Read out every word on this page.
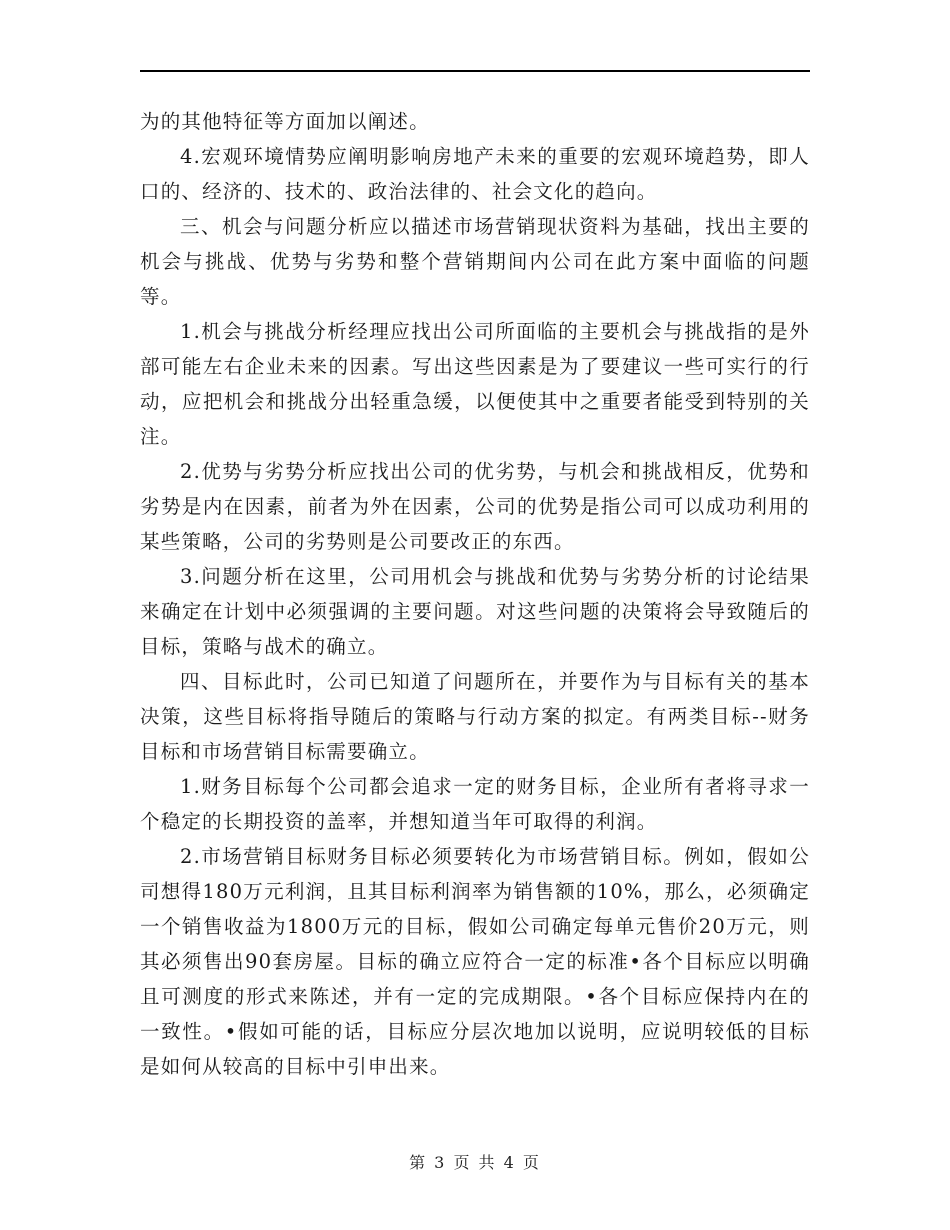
为的其他特征等方面加以阐述。

4.宏观环境情势应阐明影响房地产未来的重要的宏观环境趋势，即人口的、经济的、技术的、政治法律的、社会文化的趋向。

三、机会与问题分析应以描述市场营销现状资料为基础，找出主要的机会与挑战、优势与劣势和整个营销期间内公司在此方案中面临的问题等。

1.机会与挑战分析经理应找出公司所面临的主要机会与挑战指的是外部可能左右企业未来的因素。写出这些因素是为了要建议一些可实行的行动，应把机会和挑战分出轻重急缓，以便使其中之重要者能受到特别的关注。

2.优势与劣势分析应找出公司的优劣势，与机会和挑战相反，优势和劣势是内在因素，前者为外在因素，公司的优势是指公司可以成功利用的某些策略，公司的劣势则是公司要改正的东西。

3.问题分析在这里，公司用机会与挑战和优势与劣势分析的讨论结果来确定在计划中必须强调的主要问题。对这些问题的决策将会导致随后的目标，策略与战术的确立。

四、目标此时，公司已知道了问题所在，并要作为与目标有关的基本决策，这些目标将指导随后的策略与行动方案的拟定。有两类目标--财务目标和市场营销目标需要确立。

1.财务目标每个公司都会追求一定的财务目标，企业所有者将寻求一个稳定的长期投资的盖率，并想知道当年可取得的利润。

2.市场营销目标财务目标必须要转化为市场营销目标。例如，假如公司想得180万元利润，且其目标利润率为销售额的10%，那么，必须确定一个销售收益为1800万元的目标，假如公司确定每单元售价20万元，则其必须售出90套房屋。目标的确立应符合一定的标准•各个目标应以明确且可测度的形式来陈述，并有一定的完成期限。•各个目标应保持内在的一致性。•假如可能的话，目标应分层次地加以说明，应说明较低的目标是如何从较高的目标中引申出来。

第 3 页 共 4 页
